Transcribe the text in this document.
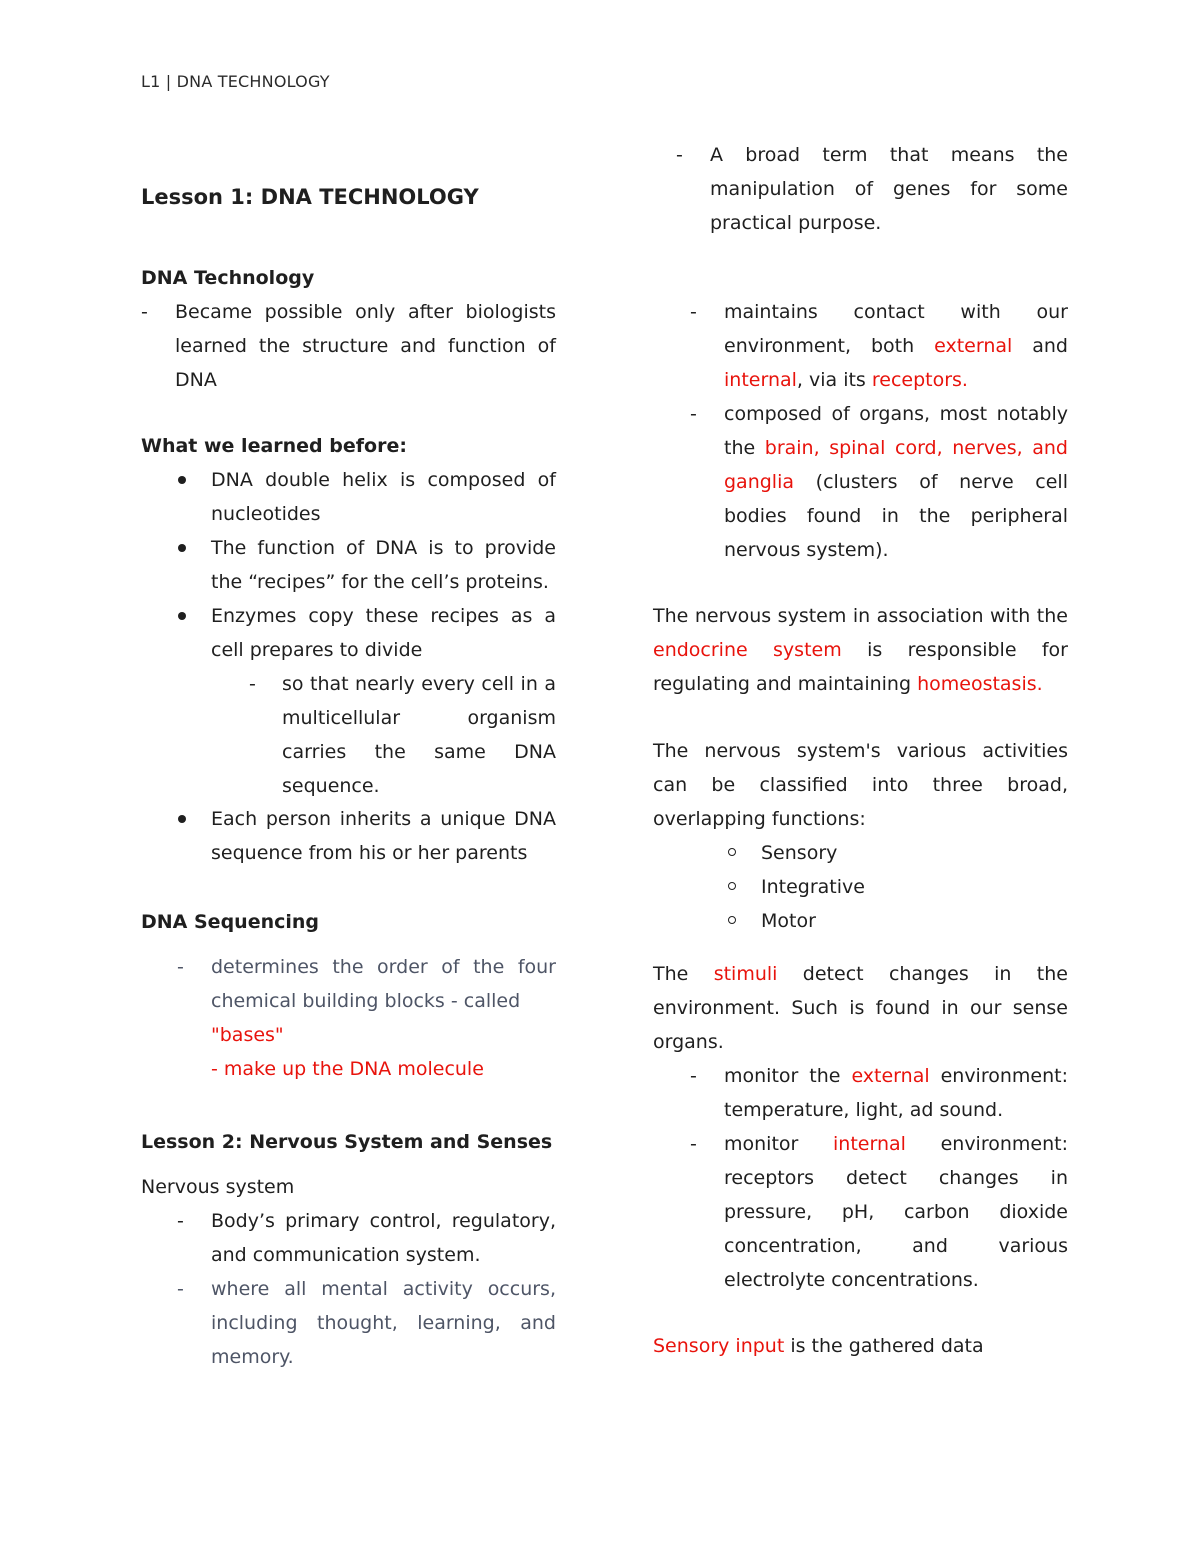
L1 | DNA TECHNOLOGY
Lesson 1: DNA TECHNOLOGY
DNA Technology
- Became possible only after biologists learned the structure and function of DNA
What we learned before:
DNA double helix is composed of nucleotides
The function of DNA is to provide the “recipes” for the cell’s proteins.
Enzymes copy these recipes as a cell prepares to divide
- so that nearly every cell in a multicellular organism carries the same DNA sequence.
Each person inherits a unique DNA sequence from his or her parents
DNA Sequencing
- determines the order of the four chemical building blocks - called
"bases"
- make up the DNA molecule
Lesson 2: Nervous System and Senses
Nervous system
- Body’s primary control, regulatory, and communication system.
- where all mental activity occurs, including thought, learning, and memory.
- A broad term that means the manipulation of genes for some practical purpose.
- maintains contact with our environment, both external and internal, via its receptors.
- composed of organs, most notably the brain, spinal cord, nerves, and ganglia (clusters of nerve cell bodies found in the peripheral nervous system).
The nervous system in association with the endocrine system is responsible for regulating and maintaining homeostasis.
The nervous system's various activities can be classified into three broad, overlapping functions:
Sensory
Integrative
Motor
The stimuli detect changes in the environment. Such is found in our sense organs.
- monitor the external environment: temperature, light, ad sound.
- monitor internal environment: receptors detect changes in pressure, pH, carbon dioxide concentration, and various electrolyte concentrations.
Sensory input is the gathered data
